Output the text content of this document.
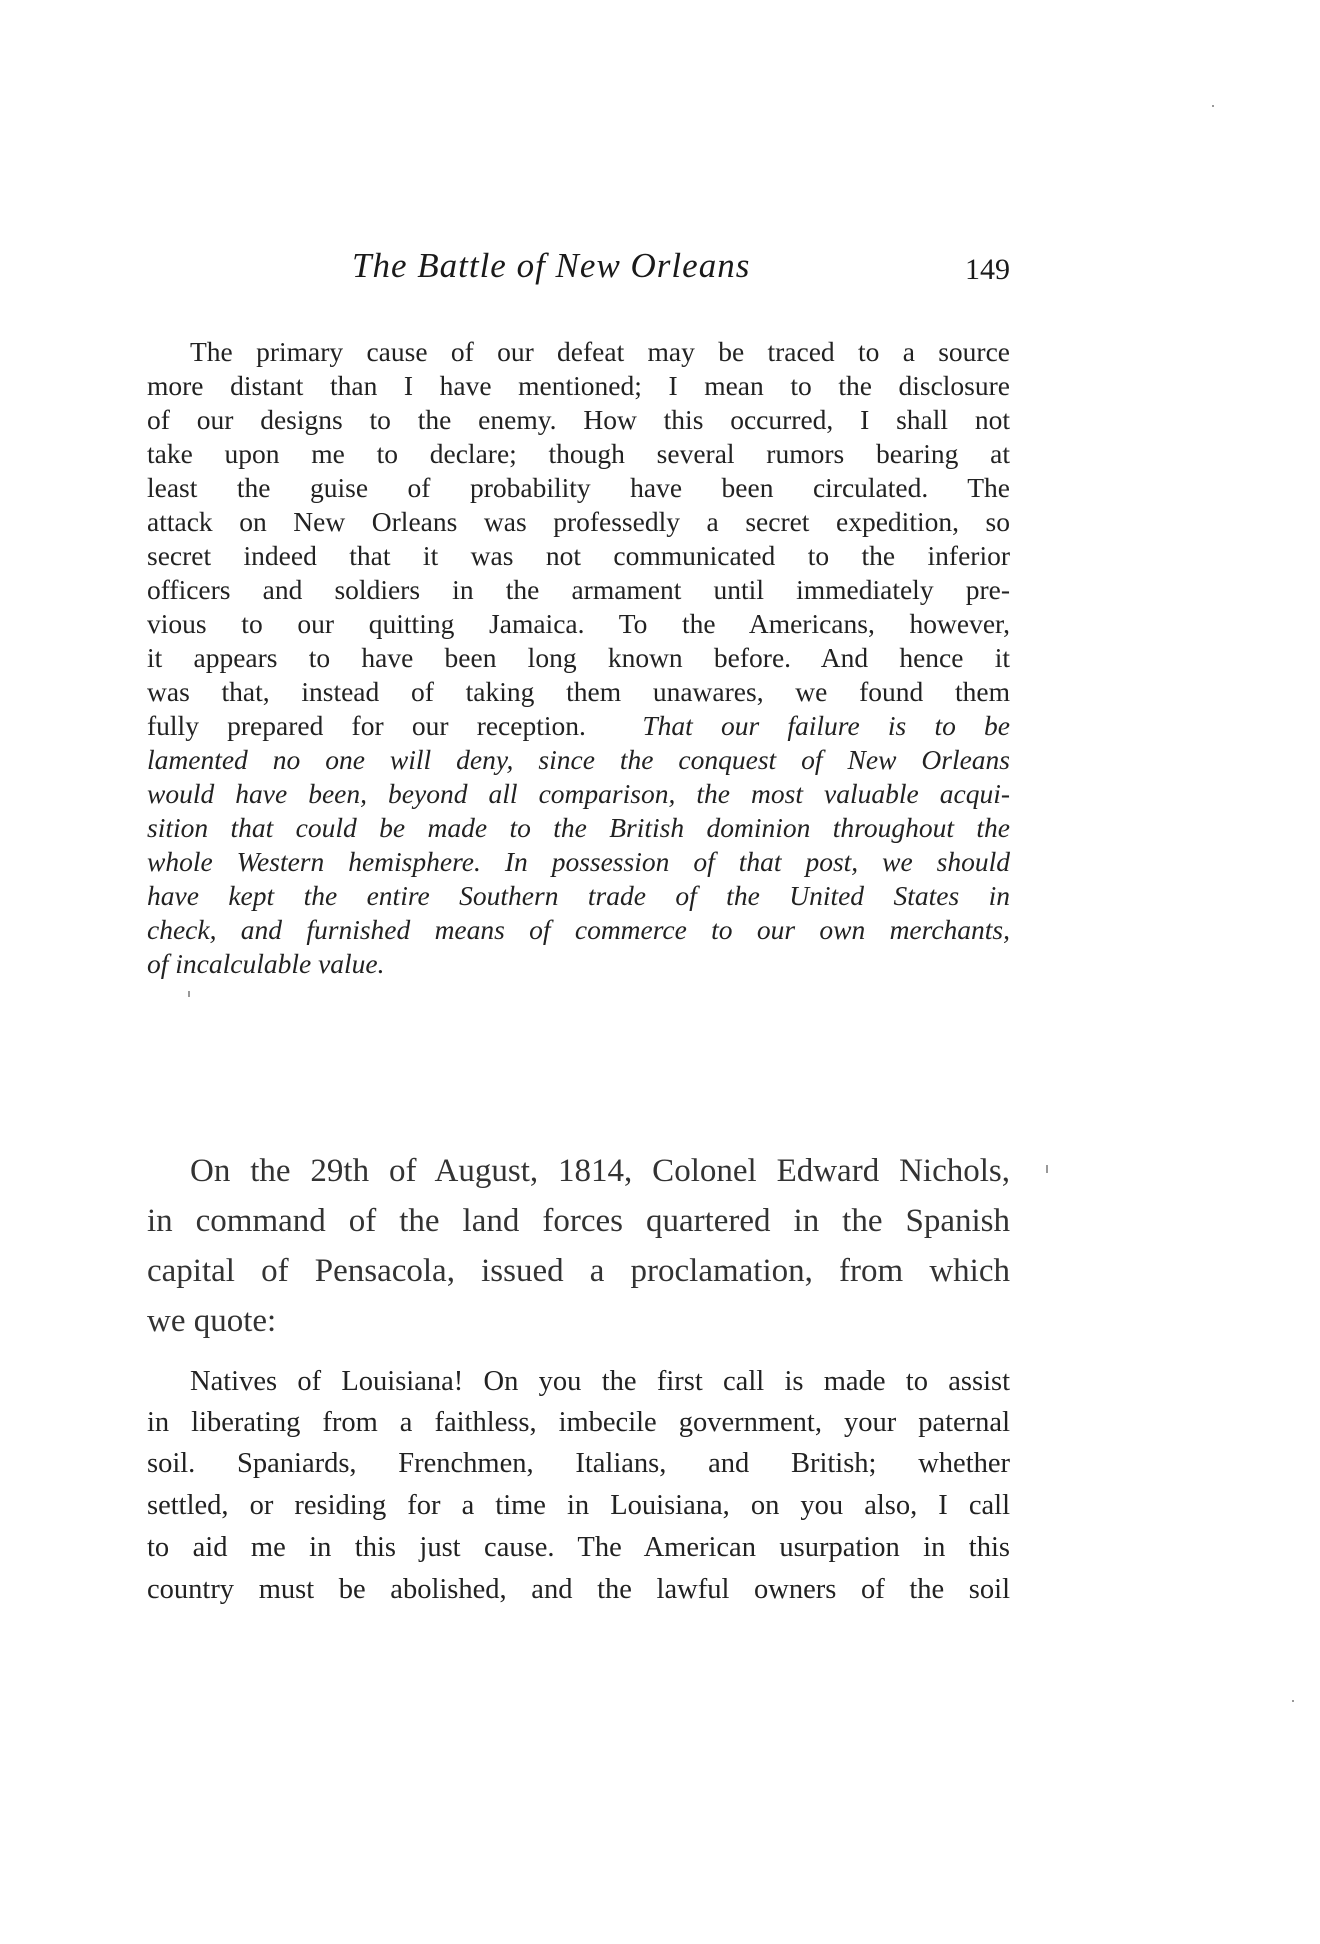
The Battle of New Orleans	149
The primary cause of our defeat may be traced to a source
more distant than I have mentioned; I mean to the disclosure
of our designs to the enemy. How this occurred, I shall not
take upon me to declare; though several rumors bearing at
least the guise of probability have been circulated. The
attack on New Orleans was professedly a secret expedition, so
secret indeed that it was not communicated to the inferior
officers and soldiers in the armament until immediately pre-
vious to our quitting Jamaica. To the Americans, however,
it appears to have been long known before. And hence it
was that, instead of taking them unawares, we found them
fully prepared for our reception. That our failure is to be
lamented no one will deny, since the conquest of New Orleans
would have been, beyond all comparison, the most valuable acqui-
sition that could be made to the British dominion throughout the
whole Western hemisphere. In possession of that post, we should
have kept the entire Southern trade of the United States in
check, and furnished means of commerce to our own merchants,
of incalculable value.
On the 29th of August, 1814, Colonel Edward Nichols,
in command of the land forces quartered in the Spanish
capital of Pensacola, issued a proclamation, from which
we quote:
Natives of Louisiana! On you the first call is made to assist
in liberating from a faithless, imbecile government, your paternal
soil. Spaniards, Frenchmen, Italians, and British; whether
settled, or residing for a time in Louisiana, on you also, I call
to aid me in this just cause. The American usurpation in this
country must be abolished, and the lawful owners of the soil
